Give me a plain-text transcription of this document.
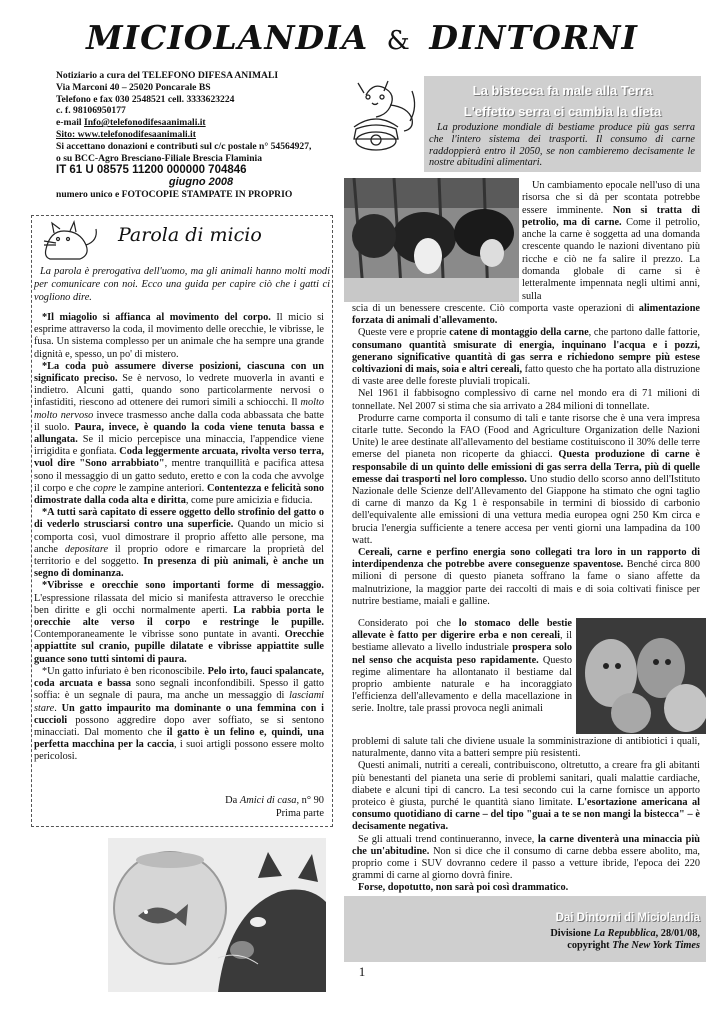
MICIOLANDIA & DINTORNI
Notiziario a cura del TELEFONO DIFESA ANIMALI
Via Marconi 40 – 25020 Poncarale BS
Telefono e fax 030 2548521 cell. 3333623224
c. f. 98106950177
e-mail Info@telefonodifesaanimali.it
Sito: www.telefonodifesaanimali.it
Si accettano donazioni e contributi sul c/c postale n° 54564927,
o su BCC-Agro Bresciano-Filiale Brescia Flaminia
IT 61 U 08575 11200 000000 704846
giugno 2008
numero unico e FOTOCOPIE STAMPATE IN PROPRIO
La bistecca fa male alla Terra
L'effetto serra ci cambia la dieta
La produzione mondiale di bestiame produce più gas serra che l'intero sistema dei trasporti. Il consumo di carne raddoppierà entro il 2050, se non cambieremo decisamente le nostre abitudini alimentari.
Un cambiamento epocale nell'uso di una risorsa che si dà per scontata potrebbe essere imminente. Non si tratta di petrolio, ma di carne. Come il petrolio, anche la carne è soggetta ad una domanda crescente quando le nazioni diventano più ricche e ciò ne fa salire il prezzo. La domanda globale di carne si è letteralmente impennata negli ultimi anni, sulla

scia di un benessere crescente. Ciò comporta vaste operazioni di alimentazione forzata di animali d'allevamento.

Queste vere e proprie catene di montaggio della carne, che partono dalle fattorie, consumano quantità smisurate di energia, inquinano l'acqua e i pozzi, generano significative quantità di gas serra e richiedono sempre più estese coltivazioni di mais, soia e altri cereali, fatto questo che ha portato alla distruzione di vaste aree delle foreste pluviali tropicali.

Nel 1961 il fabbisogno complessivo di carne nel mondo era di 71 milioni di tonnellate. Nel 2007 si stima che sia arrivato a 284 milioni di tonnellate.

Produrre carne comporta il consumo di tali e tante risorse che è una vera impresa citarle tutte. Secondo la FAO (Food and Agriculture Organization delle Nazioni Unite) le aree destinate all'allevamento del bestiame costituiscono il 30% delle terre emerse del pianeta non ricoperte da ghiacci. Questa produzione di carne è responsabile di un quinto delle emissioni di gas serra della Terra, più di quelle emesse dai trasporti nel loro complesso. Uno studio dello scorso anno dell'Istituto Nazionale delle Scienze dell'Allevamento del Giappone ha stimato che ogni taglio di carne di manzo da Kg 1 è responsabile in termini di biossido di carbonio dell'equivalente alle emissioni di una vettura media europea ogni 250 Km circa e brucia l'energia sufficiente a tenere accesa per venti giorni una lampadina da 100 watt.

Cereali, carne e perfino energia sono collegati tra loro in un rapporto di interdipendenza che potrebbe avere conseguenze spaventose. Benché circa 800 milioni di persone di questo pianeta soffrano la fame o siano affette da malnutrizione, la maggior parte dei raccolti di mais e di soia coltivati finisce per nutrire bestiame, maiali e galline.

Considerato poi che lo stomaco delle bestie allevate è fatto per digerire erba e non cereali, il bestiame allevato a livello industriale prospera solo nel senso che acquista peso rapidamente. Questo regime alimentare ha allontanato il bestiame dal proprio ambiente naturale e ha incoraggiato l'efficienza dell'allevamento e della macellazione in serie. Inoltre, tale prassi provoca negli animali

problemi di salute tali che diviene usuale la somministrazione di antibiotici i quali, naturalmente, danno vita a batteri sempre più resistenti.

Questi animali, nutriti a cereali, contribuiscono, oltretutto, a creare fra gli abitanti più benestanti del pianeta una serie di problemi sanitari, quali malattie cardiache, diabete e alcuni tipi di cancro. La tesi secondo cui la carne fornisce un apporto proteico è giusta, purché le quantità siano limitate. L'esortazione americana al consumo quotidiano di carne – del tipo "guai a te se non mangi la bistecca" – è decisamente negativa.

Se gli attuali trend continueranno, invece, la carne diventerà una minaccia più che un'abitudine. Non si dice che il consumo di carne debba essere abolito, ma, proprio come i SUV dovranno cedere il passo a vetture ibride, l'epoca dei 220 grammi di carne al giorno dovrà finire.

Forse, dopotutto, non sarà poi così drammatico.

Dai Dintorni di Miciolandia
Divisione La Repubblica, 28/01/08,
copyright The New York Times
Parola di micio
La parola è prerogativa dell'uomo, ma gli animali hanno molti modi per comunicare con noi. Ecco una guida per capire ciò che i gatti ci vogliono dire.

*Il miagolio si affianca al movimento del corpo. Il micio si esprime attraverso la coda, il movimento delle orecchie, le vibrisse, le fusa. Un sistema complesso per un animale che ha sempre una grande dignità e, spesso, un po' di mistero.

*La coda può assumere diverse posizioni, ciascuna con un significato preciso. Se è nervoso, lo vedrete muoverla in avanti e indietro. Alcuni gatti, quando sono particolarmente nervosi o infastiditi, riescono ad ottenere dei rumori simili a schiocchi. Il molto molto nervoso invece trasmesso anche dalla coda abbassata che batte il suolo. Paura, invece, è quando la coda viene tenuta bassa e allungata. Se il micio percepisce una minaccia, l'appendice viene irrigidita e gonfiata. Coda leggermente arcuata, rivolta verso terra, vuol dire "Sono arrabbiato", mentre tranquillità e pacifica attesa sono il messaggio di un gatto seduto, eretto e con la coda che avvolge il corpo e che copre le zampine anteriori. Contentezza e felicità sono dimostrate dalla coda alta e diritta, come pure amicizia e fiducia.

*A tutti sarà capitato di essere oggetto dello strofinio del gatto o di vederlo strusciarsi contro una superficie. Quando un micio si comporta così, vuol dimostrare il proprio affetto alle persone, ma anche depositare il proprio odore e rimarcare la proprietà del territorio e del soggetto. In presenza di più animali, è anche un segno di dominanza.

*Vibrisse e orecchie sono importanti forme di messaggio. L'espressione rilassata del micio si manifesta attraverso le orecchie ben diritte e gli occhi normalmente aperti. La rabbia porta le orecchie alte verso il corpo e restringe le pupille. Contemporaneamente le vibrisse sono puntate in avanti. Orecchie appiattite sul cranio, pupille dilatate e vibrisse appiattite sulle guance sono tutti sintomi di paura.

*Un gatto infuriato è ben riconoscibile. Pelo irto, fauci spalancate, coda arcuata e bassa sono segnali inconfondibili. Spesso il gatto soffia: è un segnale di paura, ma anche un messaggio di lasciami stare. Un gatto impaurito ma dominante o una femmina con i cuccioli possono aggredire dopo aver soffiato, se si sentono minacciati. Dal momento che il gatto è un felino e, quindi, una perfetta macchina per la caccia, i suoi artigli possono essere molto pericolosi.

Da Amici di casa, n° 90
Prima parte
1
